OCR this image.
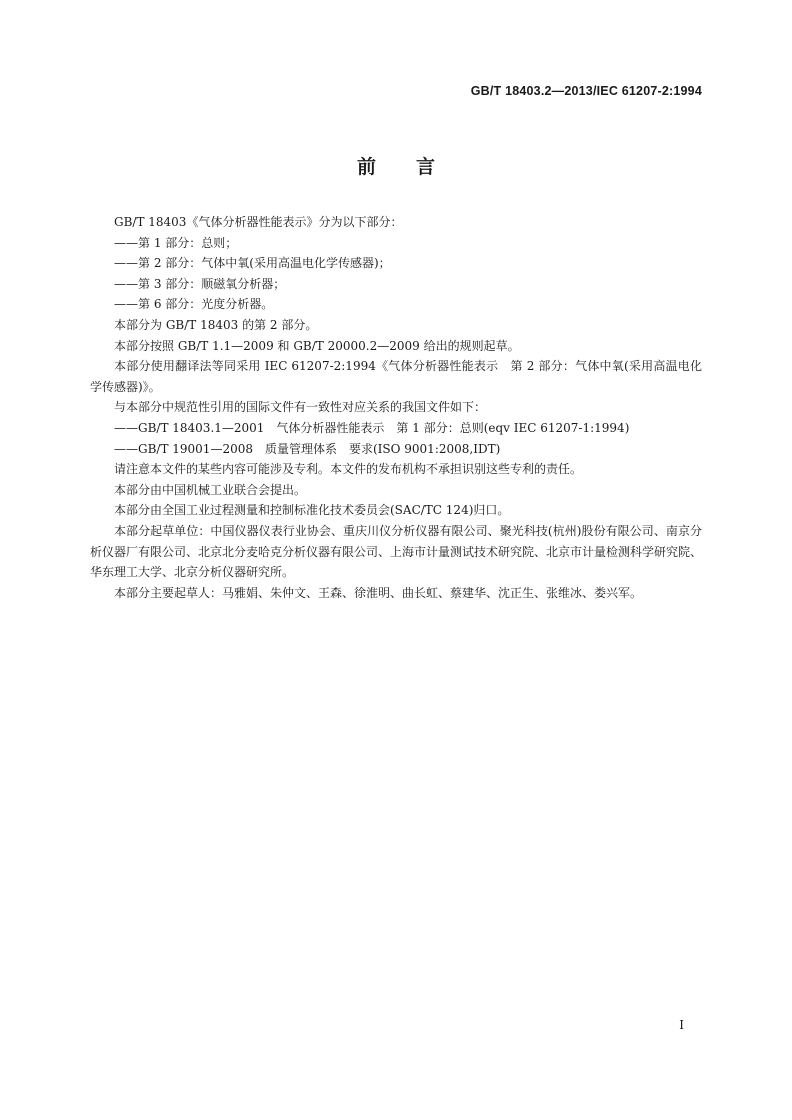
GB/T 18403.2—2013/IEC 61207-2:1994
前言

GB/T 18403《气体分析器性能表示》分为以下部分：

——第 1 部分：总则；

——第 2 部分：气体中氧(采用高温电化学传感器)；

——第 3 部分：顺磁氧分析器；

——第 6 部分：光度分析器。

本部分为 GB/T 18403 的第 2 部分。

本部分按照 GB/T 1.1—2009 和 GB/T 20000.2—2009 给出的规则起草。

本部分使用翻译法等同采用 IEC 61207-2:1994《气体分析器性能表示　第 2 部分：气体中氧(采用高温电化学传感器)》。

与本部分中规范性引用的国际文件有一致性对应关系的我国文件如下：

——GB/T 18403.1—2001　气体分析器性能表示　第 1 部分：总则(eqv IEC 61207-1:1994)

——GB/T 19001—2008　质量管理体系　要求(ISO 9001:2008,IDT)

请注意本文件的某些内容可能涉及专利。本文件的发布机构不承担识别这些专利的责任。

本部分由中国机械工业联合会提出。

本部分由全国工业过程测量和控制标准化技术委员会(SAC/TC 124)归口。

本部分起草单位：中国仪器仪表行业协会、重庆川仪分析仪器有限公司、聚光科技(杭州)股份有限公司、南京分析仪器厂有限公司、北京北分麦哈克分析仪器有限公司、上海市计量测试技术研究院、北京市计量检测科学研究院、华东理工大学、北京分析仪器研究所。

本部分主要起草人：马雅娟、朱仲文、王森、徐淮明、曲长虹、蔡建华、沈正生、张维冰、娄兴军。

I
